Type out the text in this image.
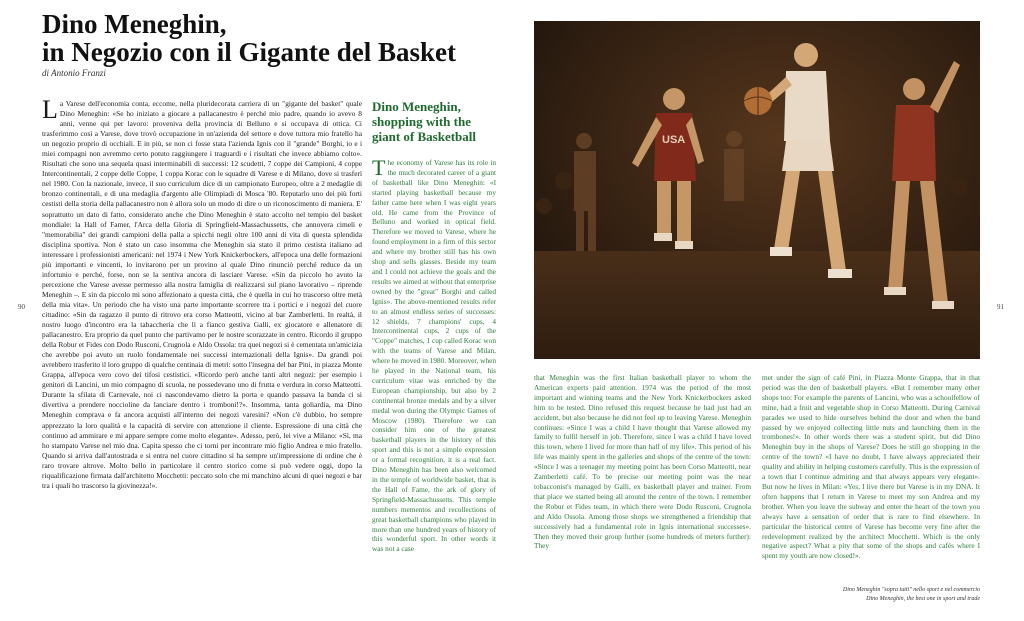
Dino Meneghin,
in Negozio con il Gigante del Basket
di Antonio Franzi
L a Varese dell'economia conta, eccome, nella pluridecorata carriera di un "gigante del basket" quale Dino Meneghin: «Se ho iniziato a giocare a pallacanestro è perché mio padre, quando io avevo 8 anni, venne qui per lavoro: proveniva della provincia di Belluno e si occupava di ottica. Ci trasferimmo così a Varese, dove trovò occupazione in un'azienda del settore e dove tuttora mio fratello ha un negozio proprio di occhiali. E in più, se non ci fosse stata l'azienda Ignis con il "grande" Borghi, io e i miei compagni non avremmo certo potuto raggiungere i traguardi e i risultati che invece abbiamo colto». Risultati che sono una sequela quasi interminabili di successi: 12 scudetti, 7 coppe dei Campioni, 4 coppe Intercontinentali, 2 coppe delle Coppe, 1 coppa Korac con le squadre di Varese e di Milano, dove si trasferì nel 1980. Con la nazionale, invece, il suo curriculum dice di un campionato Europeo, oltre a 2 medaglie di bronzo continentali, e di una medaglia d'argento alle Olimpiadi di Mosca '80. Reputarlo uno dei più forti cestisti della storia della pallacanestro non è allora solo un modo di dire o un riconoscimento di maniera. E' soprattutto un dato di fatto, considerato anche che Dino Meneghin è stato accolto nel tempio del basket mondiale: la Hall of Famer, l'Arca della Gloria di Springfield-Massachussetts, che annovera cimeli e "memorabilia" dei grandi campioni della palla a spicchi negli oltre 100 anni di vita di questa splendida disciplina sportiva. Non è stato un caso insomma che Meneghin sia stato il primo cestista italiano ad interessare i professionisti americani: nel 1974 i New York Knickerbockers, all'epoca una delle formazioni più importanti e vincenti, lo invitarono per un provino al quale Dino rinunciò perché reduce da un infortunio e perché, forse, non se la sentiva ancora di lasciare Varese. «Sin da piccolo ho avuto la percezione che Varese avesse permesso alla nostra famiglia di realizzarsi sul piano lavorativo – riprende Meneghin –. E sin da piccolo mi sono affezionato a questa città, che è quella in cui ho trascorso oltre metà della mia vita». Un periodo che ha visto una parte importante scorrere tra i portici e i negozi del cuore cittadino: «Sin da ragazzo il punto di ritrovo era corso Matteotti, vicino al bar Zamberletti. In realtà, il nostro luogo d'incontro era la tabaccheria che lì a fianco gestiva Galli, ex giocatore e allenatore di pallacanestro. Era proprio da quel punto che partivamo per le nostre scorazzate in centro. Ricordo il gruppo della Robur et Fides con Dodo Rusconi, Crugnola e Aldo Ossola: tra quei negozi si è cementata un'amicizia che avrebbe poi avuto un ruolo fondamentale nei successi internazionali della Ignis». Da grandi poi avrebbero trasferito il loro gruppo di qualche centinaia di metri: sotto l'insegna del bar Pini, in piazza Monte Grappa, all'epoca vero covo dei tifosi cestistici. «Ricordo però anche tanti altri negozi: per esempio i genitori di Lancini, un mio compagno di scuola, ne possedevano uno di frutta e verdura in corso Matteotti. Durante la sfilata di Carnevale, noi ci nascondevamo dietro la porta e quando passava la banda ci si divertiva a prendere noccioline da lanciare dentro i tromboni!?». Insomma, tanta goliardia, ma Dino Meneghin comprava e fa ancora acquisti all'interno dei negozi varesini? «Non c'è dubbio, ho sempre apprezzato la loro qualità e la capacità di servire con attenzione il cliente. Espressione di una città che continuo ad ammirare e mi appare sempre come molto elegante». Adesso, però, lei vive a Milano: «Sì, ma ho stampato Varese nel mio dna. Capita spesso che ci torni per incontrare mio figlio Andrea e mio fratello. Quando si arriva dall'autostrada e si entra nel cuore cittadino si ha sempre un'impressione di ordine che è raro trovare altrove. Molto bello in particolare il centro storico come si può vedere oggi, dopo la riqualificazione firmata dall'architetto Mocchetti: peccato solo che mi manchino alcuni di quei negozi e bar tra i quali ho trascorso la giovinezza!».
Dino Meneghin, shopping with the giant of Basketball
T he economy of Varese has its role in the much decorated career of a giant of basketball like Dino Meneghin: «I started playing basketball because my father came here when I was eight years old. He came from the Province of Belluno and worked in optical field. Therefore we moved to Varese, where he found employment in a firm of this sector and where my brother still has his own shop and sells glasses. Beside my team and I could not achieve the goals and the results we aimed at without that enterprise owned by the "great" Borghi and called Ignis». The above-mentioned results refer to an almost endless series of successes: 12 shields, 7 champions' cups, 4 Intercontinental cups, 2 cups of the "Coppe" matches, 1 cup called Korac won with the teams of Varese and Milan, where he moved in 1980. Moreover, when he played in the National team, his curriculum vitae was enriched by the European championship, but also by 2 continental bronze medals and by a silver medal won during the Olympic Games of Moscow (1980). Therefore we can consider him one of the greatest basketball players in the history of this sport and this is not a simple expression or a formal recognition, it is a real fact. Dino Meneghin has been also welcomed in the temple of worldwide basket, that is the Hall of Fame, the ark of glory of Springfield-Massachussetts. This temple numbers mementos and recollections of great basketball champions who played in more than one hundred years of history of this wonderful sport. In other words it was not a case
that Meneghin was the first Italian basketball player to whom the American experts paid attention. 1974 was the period of the most important and winning teams and the New York Knickerbockers asked him to be tested. Dino refused this request because he had just had an accident, but also because he did not feel up to leaving Varese. Meneghin continues: «Since I was a child I have thought that Varese allowed my family to fulfil herself in job. Therefore, since I was a child I have loved this town, where I lived for more than half of my life». This period of his life was mainly spent in the galleries and shops of the centre of the town: «Since I was a teenager my meeting point has been Corso Matteotti, near Zamberletti café. To be precise our meeting point was the near tobacconist's managed by Galli, ex basketball player and trainer. From that place we started being all around the centre of the town. I remember the Robur et Fides team, in which there were Dodo Rusconi, Crugnola and Aldo Ossola. Among those shops we strengthened a friendship that successively had a fundamental role in Ignis international successes». Then they moved their group further (some hundreds of meters further): They
met under the sign of café Pini, in Piazza Monte Grappa, that in that period was the den of basketball players. «But I remember many other shops too: For example the parents of Lancini, who was a schoolfellow of mine, had a fruit and vegetable shop in Corso Matteotti. During Carnival parades we used to hide ourselves behind the door and when the band passed by we enjoyed collecting little nuts and launching them in the trombones!». In other words there was a student spirit, but did Dino Meneghin buy in the shops of Varese? Does he still go shopping in the centre of the town? «I have no doubt, I have always appreciated their quality and ability in helping customers carefully. This is the expression of a town that I continue admiring and that always appears very elegant». But now he lives in Milan: «Yes, I live there but Varese is in my DNA. It often happens that I return in Varese to meet my son Andrea and my brother. When you leave the subway and enter the heart of the town you always have a sensation of order that is rare to find elsewhere. In particular the historical centre of Varese has become very fine after the redevelopment realized by the architect Mocchetti. Which is the only negative aspect? What a pity that some of the shops and cafés where I spent my youth are now closed!».
90	91
USA
Dino Meneghin "sopra tutti" nello sport e nel commercio
Dino Meneghin, the best one in sport and trade
